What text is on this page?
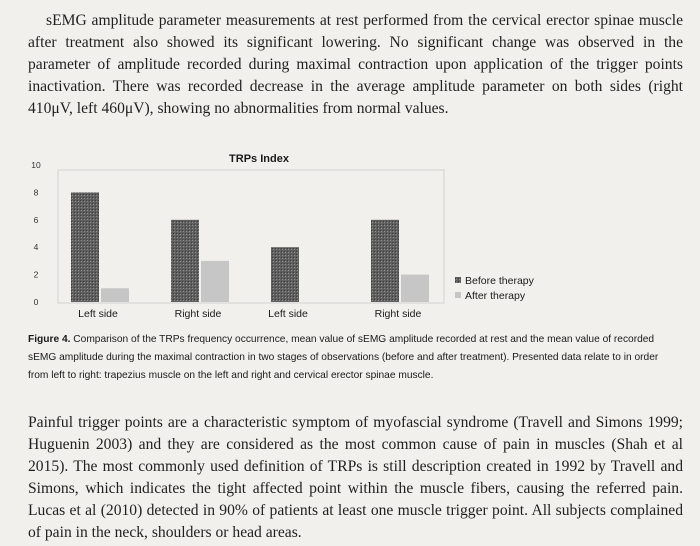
sEMG amplitude parameter measurements at rest performed from the cervical erector spinae muscle after treatment also showed its significant lowering. No significant change was observed in the parameter of amplitude recorded during maximal contraction upon application of the trigger points inactivation. There was recorded decrease in the average amplitude parameter on both sides (right 410μV, left 460μV), showing no abnormalities from normal values.

TRPs Index
0
2
4
6
8
10
Left side	Right side	Left side	Right side
Before therapy
After therapy

Figure 4. Comparison of the TRPs frequency occurrence, mean value of sEMG amplitude recorded at rest and the mean value of recorded sEMG amplitude during the maximal contraction in two stages of observations (before and after treatment). Presented data relate to in order from left to right: trapezius muscle on the left and right and cervical erector spinae muscle.

Painful trigger points are a characteristic symptom of myofascial syndrome (Travell and Simons 1999; Huguenin 2003) and they are considered as the most common cause of pain in muscles (Shah et al 2015). The most commonly used definition of TRPs is still description created in 1992 by Travell and Simons, which indicates the tight affected point within the muscle fibers, causing the referred pain. Lucas et al (2010) detected in 90% of patients at least one muscle trigger point. All subjects complained of pain in the neck, shoulders or head areas.
